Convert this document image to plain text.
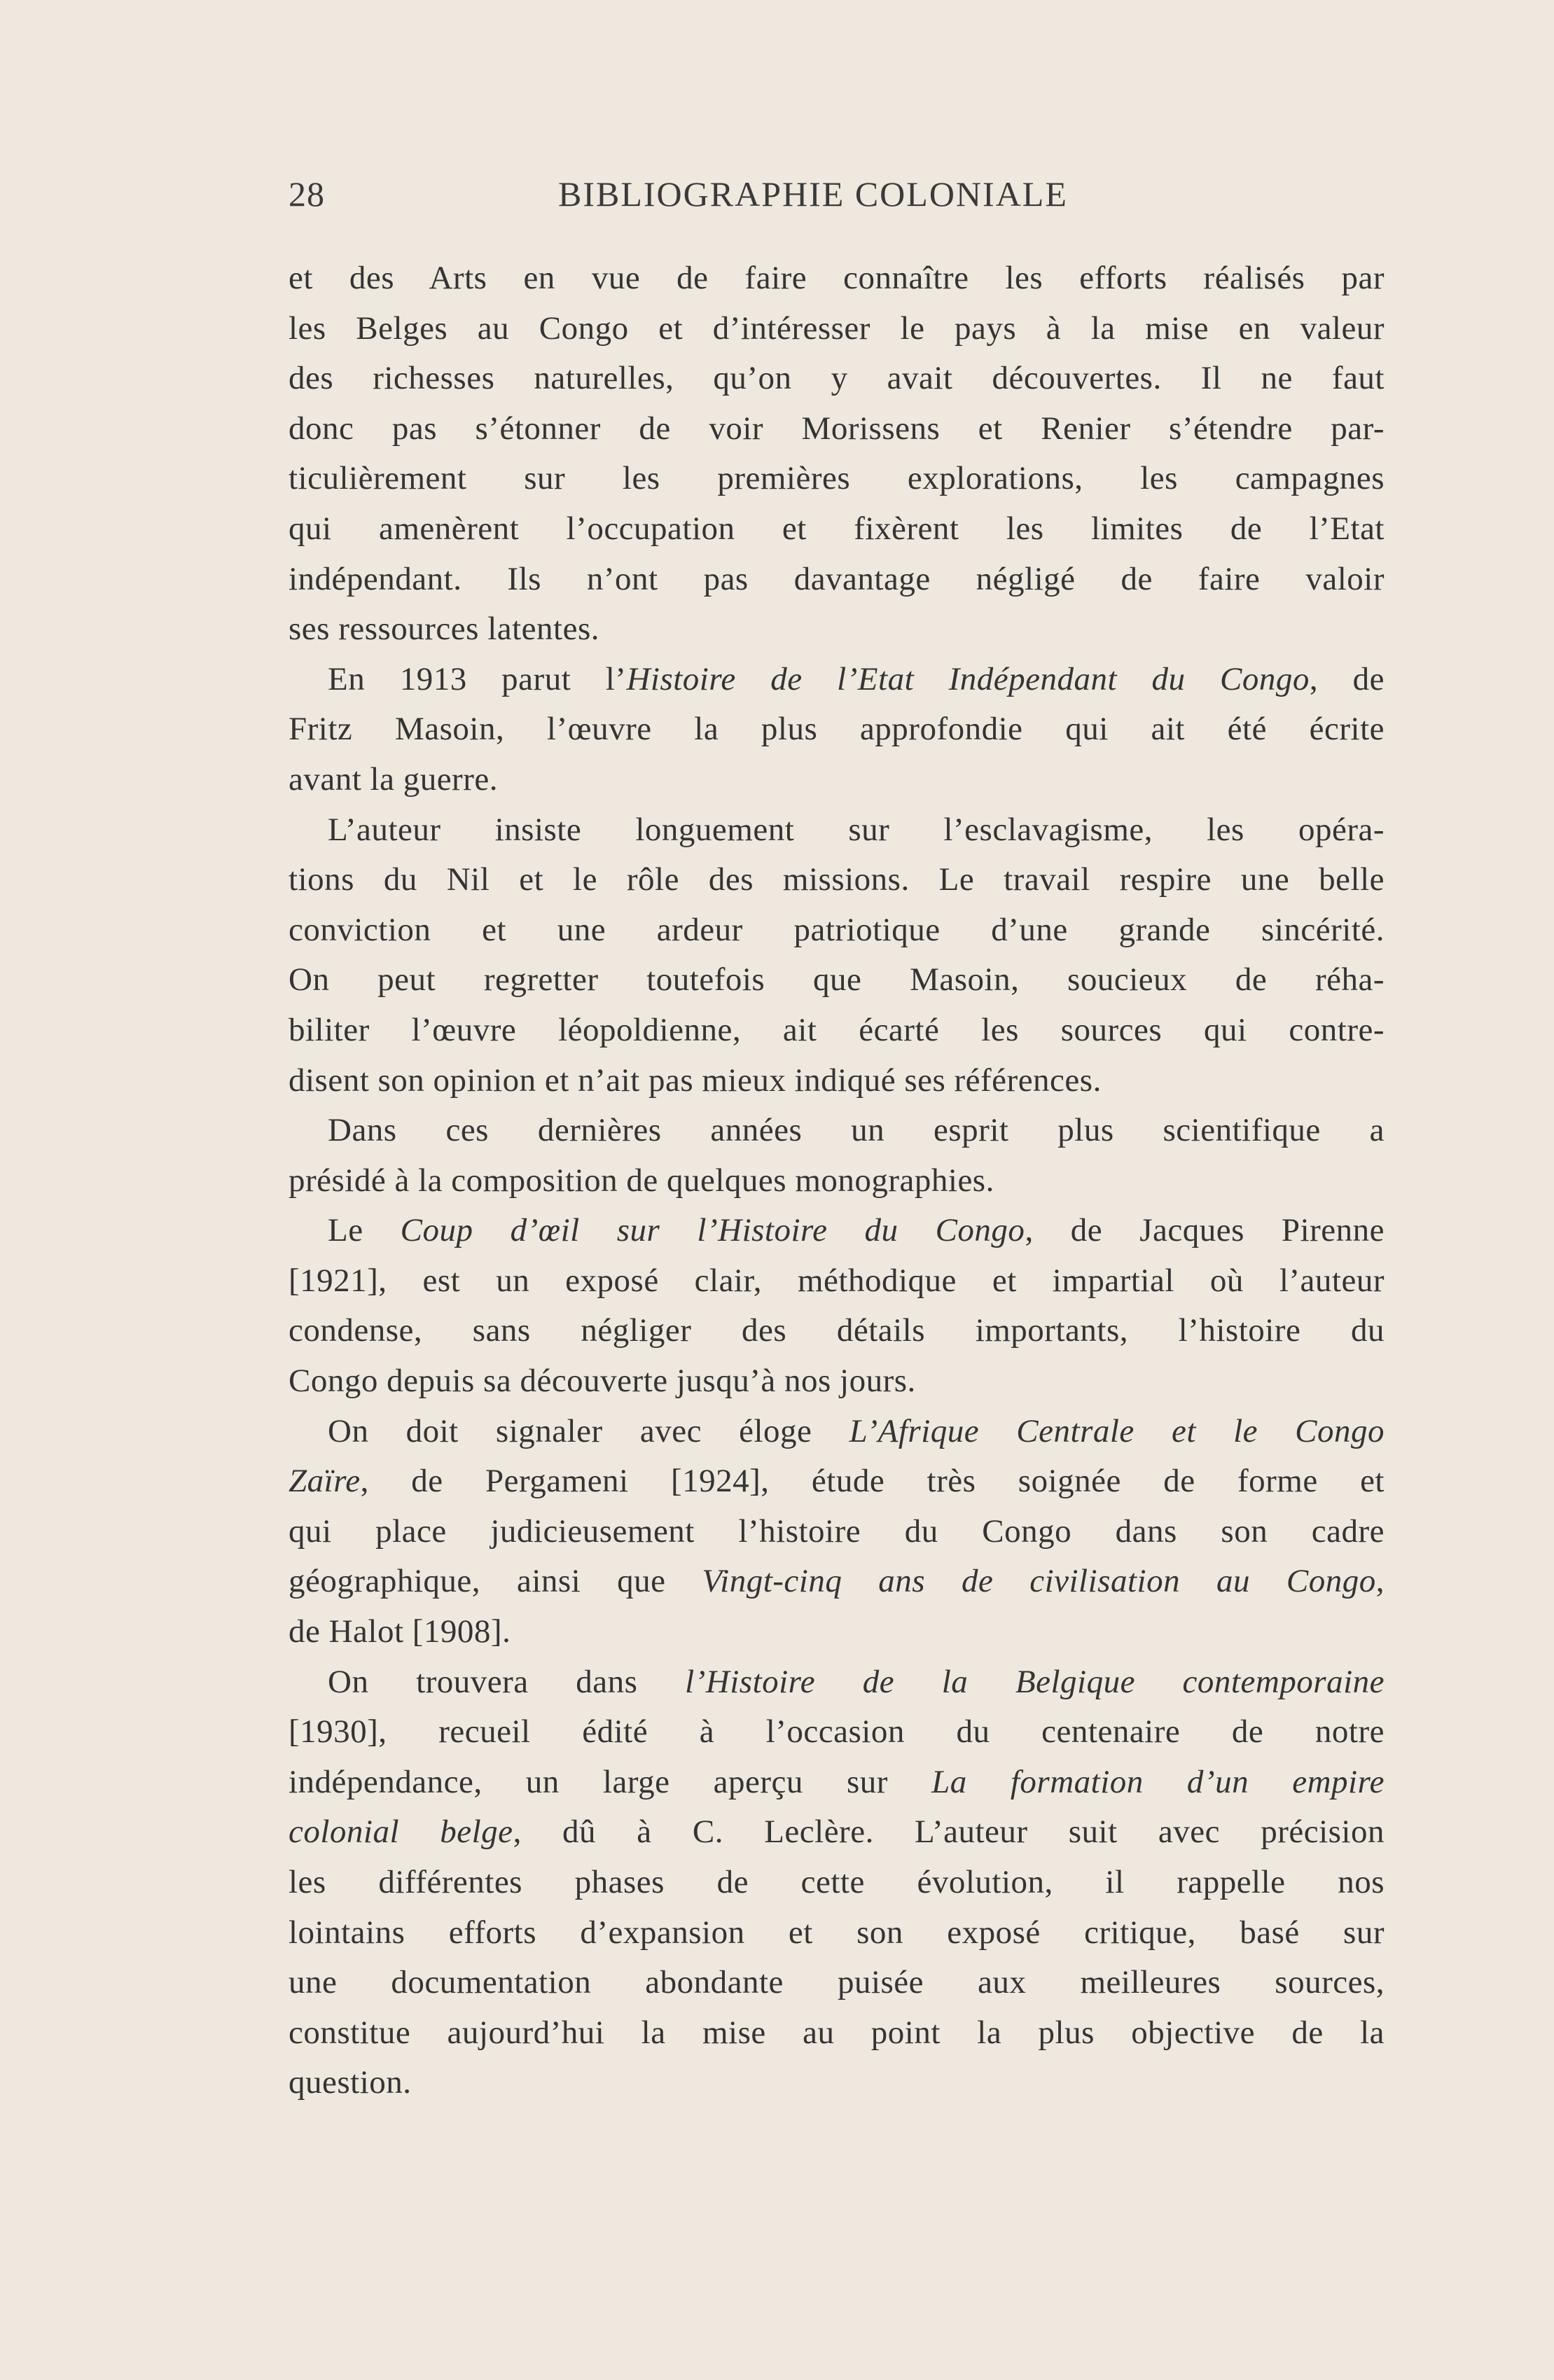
28	BIBLIOGRAPHIE COLONIALE
et des Arts en vue de faire connaître les efforts réalisés par
les Belges au Congo et d’intéresser le pays à la mise en valeur
des richesses naturelles, qu’on y avait découvertes. Il ne faut
donc pas s’étonner de voir Morissens et Renier s’étendre par-
ticulièrement sur les premières explorations, les campagnes
qui amenèrent l’occupation et fixèrent les limites de l’Etat
indépendant. Ils n’ont pas davantage négligé de faire valoir
ses ressources latentes.
En 1913 parut l’Histoire de l’Etat Indépendant du Congo, de
Fritz Masoin, l’œuvre la plus approfondie qui ait été écrite
avant la guerre.
L’auteur insiste longuement sur l’esclavagisme, les opéra-
tions du Nil et le rôle des missions. Le travail respire une belle
conviction et une ardeur patriotique d’une grande sincérité.
On peut regretter toutefois que Masoin, soucieux de réha-
biliter l’œuvre léopoldienne, ait écarté les sources qui contre-
disent son opinion et n’ait pas mieux indiqué ses références.
Dans ces dernières années un esprit plus scientifique a
présidé à la composition de quelques monographies.
Le Coup d’œil sur l’Histoire du Congo, de Jacques Pirenne
[1921], est un exposé clair, méthodique et impartial où l’auteur
condense, sans négliger des détails importants, l’histoire du
Congo depuis sa découverte jusqu’à nos jours.
On doit signaler avec éloge L’Afrique Centrale et le Congo
Zaïre, de Pergameni [1924], étude très soignée de forme et
qui place judicieusement l’histoire du Congo dans son cadre
géographique, ainsi que Vingt-cinq ans de civilisation au Congo,
de Halot [1908].
On trouvera dans l’Histoire de la Belgique contemporaine
[1930], recueil édité à l’occasion du centenaire de notre
indépendance, un large aperçu sur La formation d’un empire
colonial belge, dû à C. Leclère. L’auteur suit avec précision
les différentes phases de cette évolution, il rappelle nos
lointains efforts d’expansion et son exposé critique, basé sur
une documentation abondante puisée aux meilleures sources,
constitue aujourd’hui la mise au point la plus objective de la
question.
